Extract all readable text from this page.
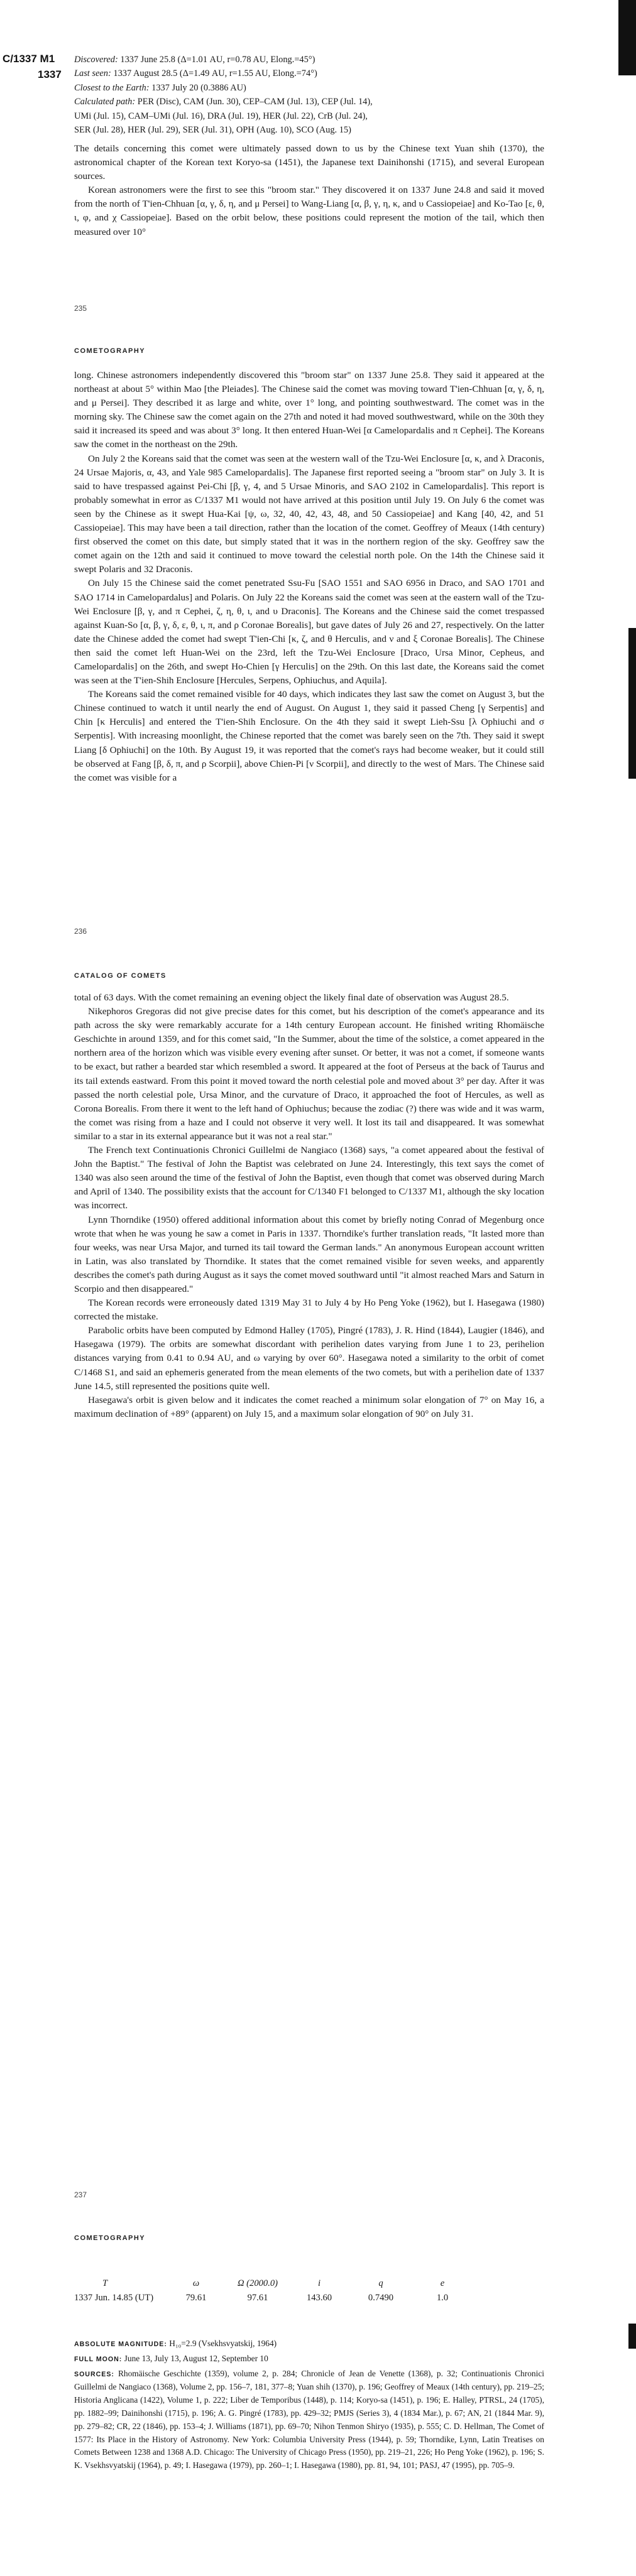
C/1337 M1
1337
Discovered: 1337 June 25.8 (Δ=1.01 AU, r=0.78 AU, Elong.=45°)
Last seen: 1337 August 28.5 (Δ=1.49 AU, r=1.55 AU, Elong.=74°)
Closest to the Earth: 1337 July 20 (0.3886 AU)
Calculated path: PER (Disc), CAM (Jun. 30), CEP–CAM (Jul. 13), CEP (Jul. 14),
UMi (Jul. 15), CAM–UMi (Jul. 16), DRA (Jul. 19), HER (Jul. 22), CrB (Jul. 24),
SER (Jul. 28), HER (Jul. 29), SER (Jul. 31), OPH (Aug. 10), SCO (Aug. 15)

The details concerning this comet were ultimately passed down to us by the Chinese text Yuan shih (1370), the astronomical chapter of the Korean text Koryo-sa (1451), the Japanese text Dainihonshi (1715), and several European sources.

Korean astronomers were the first to see this "broom star." They discovered it on 1337 June 24.8 and said it moved from the north of T'ien-Chhuan [α, γ, δ, η, and μ Persei] to Wang-Liang [α, β, γ, η, κ, and υ Cassiopeiae] and Ko-Tao [ε, θ, ι, φ, and χ Cassiopeiae]. Based on the orbit below, these positions could represent the motion of the tail, which then measured over 10°

235
COMETOGRAPHY

long. Chinese astronomers independently discovered this "broom star" on 1337 June 25.8. They said it appeared at the northeast at about 5° within Mao [the Pleiades]. The Chinese said the comet was moving toward T'ien-Chhuan [α, γ, δ, η, and μ Persei]. They described it as large and white, over 1° long, and pointing southwestward. The comet was in the morning sky. The Chinese saw the comet again on the 27th and noted it had moved southwestward, while on the 30th they said it increased its speed and was about 3° long. It then entered Huan-Wei [α Camelopardalis and π Cephei]. The Koreans saw the comet in the northeast on the 29th.

On July 2 the Koreans said that the comet was seen at the western wall of the Tzu-Wei Enclosure [α, κ, and λ Draconis, 24 Ursae Majoris, α, 43, and Yale 985 Camelopardalis]. The Japanese first reported seeing a "broom star" on July 3. It is said to have trespassed against Pei-Chi [β, γ, 4, and 5 Ursae Minoris, and SAO 2102 in Camelopardalis]. This report is probably somewhat in error as C/1337 M1 would not have arrived at this position until July 19. On July 6 the comet was seen by the Chinese as it swept Hua-Kai [ψ, ω, 32, 40, 42, 43, 48, and 50 Cassiopeiae] and Kang [40, 42, and 51 Cassiopeiae]. This may have been a tail direction, rather than the location of the comet. Geoffrey of Meaux (14th century) first observed the comet on this date, but simply stated that it was in the northern region of the sky. Geoffrey saw the comet again on the 12th and said it continued to move toward the celestial north pole. On the 14th the Chinese said it swept Polaris and 32 Draconis.

On July 15 the Chinese said the comet penetrated Ssu-Fu [SAO 1551 and SAO 6956 in Draco, and SAO 1701 and SAO 1714 in Camelopardalus] and Polaris. On July 22 the Koreans said the comet was seen at the eastern wall of the Tzu-Wei Enclosure [β, γ, and π Cephei, ζ, η, θ, ι, and υ Draconis]. The Koreans and the Chinese said the comet trespassed against Kuan-So [α, β, γ, δ, ε, θ, ι, π, and ρ Coronae Borealis], but gave dates of July 26 and 27, respectively. On the latter date the Chinese added the comet had swept T'ien-Chi [κ, ζ, and θ Herculis, and ν and ξ Coronae Borealis]. The Chinese then said the comet left Huan-Wei on the 23rd, left the Tzu-Wei Enclosure [Draco, Ursa Minor, Cepheus, and Camelopardalis] on the 26th, and swept Ho-Chien [γ Herculis] on the 29th. On this last date, the Koreans said the comet was seen at the T'ien-Shih Enclosure [Hercules, Serpens, Ophiuchus, and Aquila].

The Koreans said the comet remained visible for 40 days, which indicates they last saw the comet on August 3, but the Chinese continued to watch it until nearly the end of August. On August 1, they said it passed Cheng [γ Serpentis] and Chin [κ Herculis] and entered the T'ien-Shih Enclosure. On the 4th they said it swept Lieh-Ssu [λ Ophiuchi and σ Serpentis]. With increasing moonlight, the Chinese reported that the comet was barely seen on the 7th. They said it swept Liang [δ Ophiuchi] on the 10th. By August 19, it was reported that the comet's rays had become weaker, but it could still be observed at Fang [β, δ, π, and ρ Scorpii], above Chien-Pi [ν Scorpii], and directly to the west of Mars. The Chinese said the comet was visible for a

236
CATALOG OF COMETS

total of 63 days. With the comet remaining an evening object the likely final date of observation was August 28.5.

Nikephoros Gregoras did not give precise dates for this comet, but his description of the comet's appearance and its path across the sky were remarkably accurate for a 14th century European account. He finished writing Rhomäische Geschichte in around 1359, and for this comet said, "In the Summer, about the time of the solstice, a comet appeared in the northern area of the horizon which was visible every evening after sunset. Or better, it was not a comet, if someone wants to be exact, but rather a bearded star which resembled a sword. It appeared at the foot of Perseus at the back of Taurus and its tail extends eastward. From this point it moved toward the north celestial pole and moved about 3° per day. After it was passed the north celestial pole, Ursa Minor, and the curvature of Draco, it approached the foot of Hercules, as well as Corona Borealis. From there it went to the left hand of Ophiuchus; because the zodiac (?) there was wide and it was warm, the comet was rising from a haze and I could not observe it very well. It lost its tail and disappeared. It was somewhat similar to a star in its external appearance but it was not a real star."

The French text Continuationis Chronici Guillelmi de Nangiaco (1368) says, "a comet appeared about the festival of John the Baptist." The festival of John the Baptist was celebrated on June 24. Interestingly, this text says the comet of 1340 was also seen around the time of the festival of John the Baptist, even though that comet was observed during March and April of 1340. The possibility exists that the account for C/1340 F1 belonged to C/1337 M1, although the sky location was incorrect.

Lynn Thorndike (1950) offered additional information about this comet by briefly noting Conrad of Megenburg once wrote that when he was young he saw a comet in Paris in 1337. Thorndike's further translation reads, "It lasted more than four weeks, was near Ursa Major, and turned its tail toward the German lands." An anonymous European account written in Latin, was also translated by Thorndike. It states that the comet remained visible for seven weeks, and apparently describes the comet's path during August as it says the comet moved southward until "it almost reached Mars and Saturn in Scorpio and then disappeared."

The Korean records were erroneously dated 1319 May 31 to July 4 by Ho Peng Yoke (1962), but I. Hasegawa (1980) corrected the mistake.

Parabolic orbits have been computed by Edmond Halley (1705), Pingré (1783), J. R. Hind (1844), Laugier (1846), and Hasegawa (1979). The orbits are somewhat discordant with perihelion dates varying from June 1 to 23, perihelion distances varying from 0.41 to 0.94 AU, and ω varying by over 60°. Hasegawa noted a similarity to the orbit of comet C/1468 S1, and said an ephemeris generated from the mean elements of the two comets, but with a perihelion date of 1337 June 14.5, still represented the positions quite well.

Hasegawa's orbit is given below and it indicates the comet reached a minimum solar elongation of 7° on May 16, a maximum declination of +89° (apparent) on July 15, and a maximum solar elongation of 90° on July 31.

237
COMETOGRAPHY
T	ω	Ω (2000.0)	i	q	e
1337 Jun. 14.85 (UT)	79.61	97.61	143.60	0.7490	1.0
ABSOLUTE MAGNITUDE: H₁₀=2.9 (Vsekhsvyatskij, 1964)
FULL MOON: June 13, July 13, August 12, September 10
SOURCES: Rhomäische Geschichte (1359), volume 2, p. 284; Chronicle of Jean de Venette (1368), p. 32; Continuationis Chronici Guillelmi de Nangiaco (1368), Volume 2, pp. 156–7, 181, 377–8; Yuan shih (1370), p. 196; Geoffrey of Meaux (14th century), pp. 219–25; Historia Anglicana (1422), Volume 1, p. 222; Liber de Temporibus (1448), p. 114; Koryo-sa (1451), p. 196; E. Halley, PTRSL, 24 (1705), pp. 1882–99; Dainihonshi (1715), p. 196; A. G. Pingré (1783), pp. 429–32; PMJS (Series 3), 4 (1834 Mar.), p. 67; AN, 21 (1844 Mar. 9), pp. 279–82; CR, 22 (1846), pp. 153–4; J. Williams (1871), pp. 69–70; Nihon Tenmon Shiryo (1935), p. 555; C. D. Hellman, The Comet of 1577: Its Place in the History of Astronomy. New York: Columbia University Press (1944), p. 59; Thorndike, Lynn, Latin Treatises on Comets Between 1238 and 1368 A.D. Chicago: The University of Chicago Press (1950), pp. 219–21, 226; Ho Peng Yoke (1962), p. 196; S. K. Vsekhsvyatskij (1964), p. 49; I. Hasegawa (1979), pp. 260–1; I. Hasegawa (1980), pp. 81, 94, 101; PASJ, 47 (1995), pp. 705–9.
